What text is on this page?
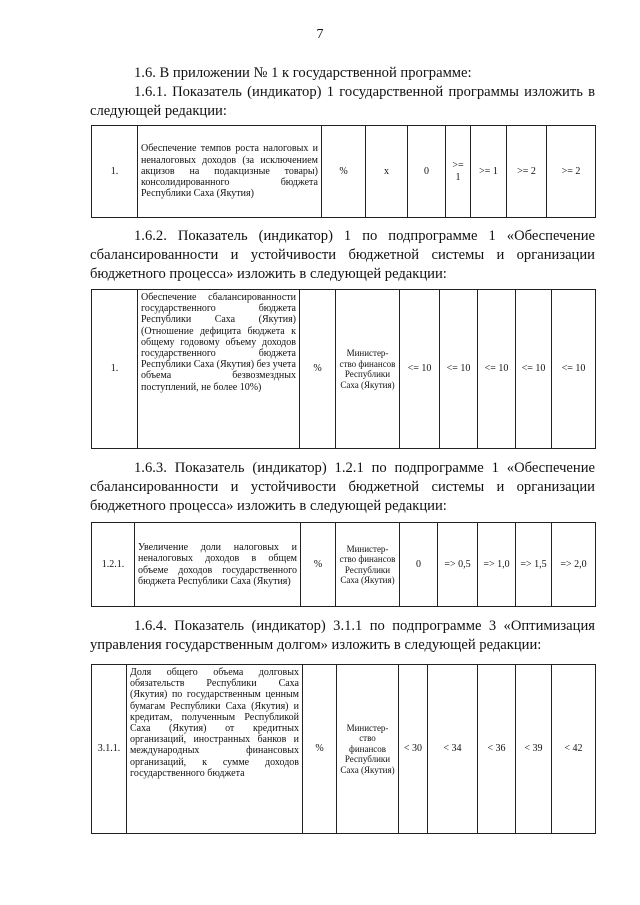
7
1.6. В приложении № 1 к государственной программе:
1.6.1. Показатель (индикатор) 1 государственной программы изложить в следующей редакции:
1.	Обеспечение темпов роста налоговых и неналоговых доходов (за исключением акцизов на подакцизные товары) консолидированного бюджета Республики Саха (Якутия)	%	х	0	>= 1	>= 1	>= 2	>= 2
1.6.2. Показатель (индикатор) 1 по подпрограмме 1 «Обеспечение сбалансированности и устойчивости бюджетной системы и организации бюджетного процесса» изложить в следующей редакции:
1.	Обеспечение сбалансированности государственного бюджета Республики Саха (Якутия) (Отношение дефицита бюджета к общему годовому объему доходов государственного бюджета Республики Саха (Якутия) без учета объема безвозмездных поступлений, не более 10%)	%	Министер-ство финансов Республики Саха (Якутия)	<= 10	<= 10	<= 10	<= 10	<= 10
1.6.3. Показатель (индикатор) 1.2.1 по подпрограмме 1 «Обеспечение сбалансированности и устойчивости бюджетной системы и организации бюджетного процесса» изложить в следующей редакции:
1.2.1.	Увеличение доли налоговых и неналоговых доходов в общем объеме доходов государственного бюджета Республики Саха (Якутия)	%	Министер-ство финансов Республики Саха (Якутия)	0	=> 0,5	=> 1,0	=> 1,5	=> 2,0
1.6.4. Показатель (индикатор) 3.1.1 по подпрограмме 3 «Оптимизация управления государственным долгом» изложить в следующей редакции:
3.1.1.	Доля общего объема долговых обязательств Республики Саха (Якутия) по государственным ценным бумагам Республики Саха (Якутия) и кредитам, полученным Республикой Саха (Якутия) от кредитных организаций, иностранных банков и международных финансовых организаций, к сумме доходов государственного бюджета	%	Министер-ство финансов Республики Саха (Якутия)	< 30	< 34	< 36	< 39	< 42
